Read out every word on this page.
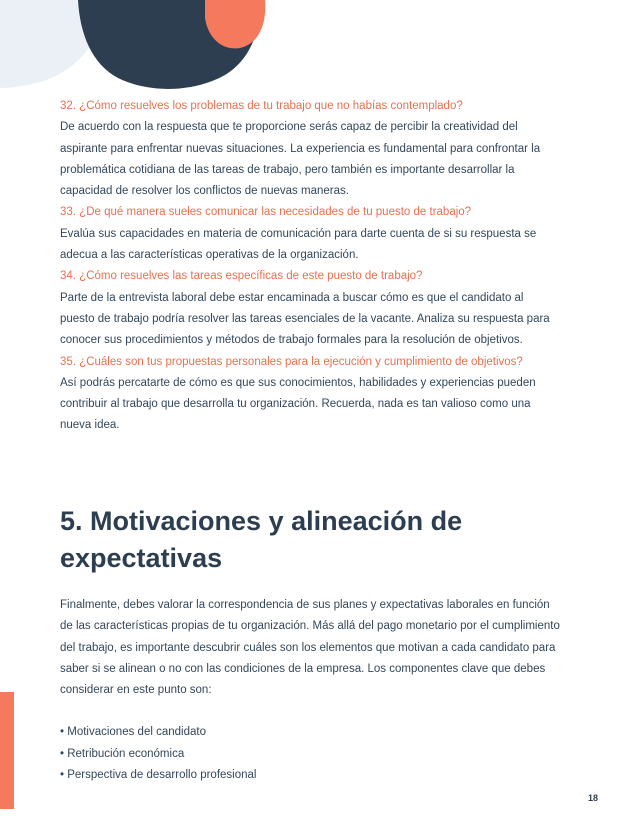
32. ¿Cómo resuelves los problemas de tu trabajo que no habías contemplado?

De acuerdo con la respuesta que te proporcione serás capaz de percibir la creatividad del aspirante para enfrentar nuevas situaciones. La experiencia es fundamental para confrontar la problemática cotidiana de las tareas de trabajo, pero también es importante desarrollar la capacidad de resolver los conflictos de nuevas maneras.

33. ¿De qué manera sueles comunicar las necesidades de tu puesto de trabajo?

Evalúa sus capacidades en materia de comunicación para darte cuenta de si su respuesta se adecua a las características operativas de la organización.

34. ¿Cómo resuelves las tareas específicas de este puesto de trabajo?

Parte de la entrevista laboral debe estar encaminada a buscar cómo es que el candidato al puesto de trabajo podría resolver las tareas esenciales de la vacante. Analiza su respuesta para conocer sus procedimientos y métodos de trabajo formales para la resolución de objetivos.

35. ¿Cuáles son tus propuestas personales para la ejecución y cumplimiento de objetivos?

Así podrás percatarte de cómo es que sus conocimientos, habilidades y experiencias pueden contribuir al trabajo que desarrolla tu organización. Recuerda, nada es tan valioso como una nueva idea.

5. Motivaciones y alineación de expectativas

Finalmente, debes valorar la correspondencia de sus planes y expectativas laborales en función de las características propias de tu organización. Más allá del pago monetario por el cumplimiento del trabajo, es importante descubrir cuáles son los elementos que motivan a cada candidato para saber si se alinean o no con las condiciones de la empresa. Los componentes clave que debes considerar en este punto son:

• Motivaciones del candidato
• Retribución económica
• Perspectiva de desarrollo profesional
18
